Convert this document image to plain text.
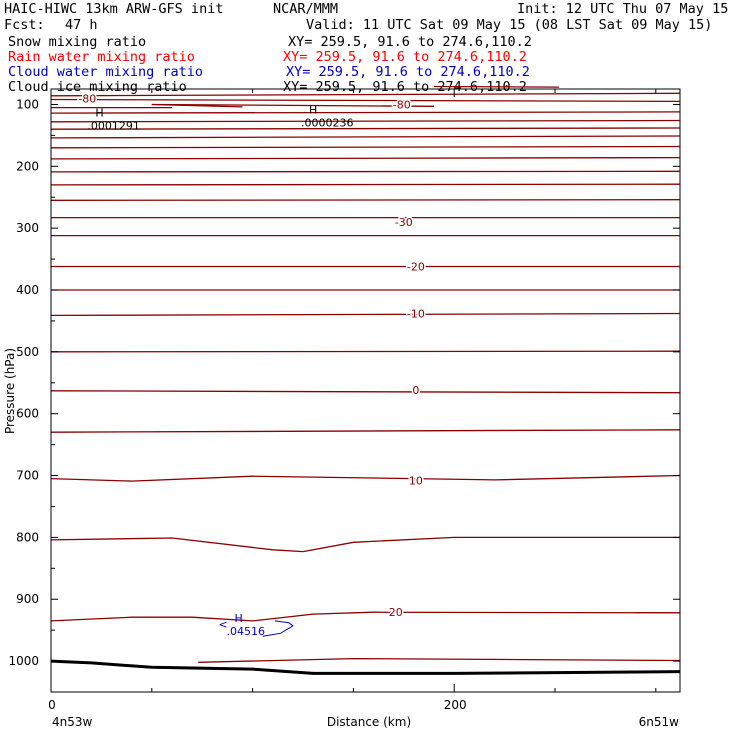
HAIC-HIWC 13km ARW-GFS init	NCAR/MMM	Init: 12 UTC Thu 07 May 15
Fcst: 47 h	Valid: 11 UTC Sat 09 May 15 (08 LST Sat 09 May 15)
Snow mixing ratio	XY= 259.5, 91.6 to 274.6,110.2
Rain water mixing ratio	XY= 259.5, 91.6 to 274.6,110.2
Cloud water mixing ratio	XY= 259.5, 91.6 to 274.6,110.2
Cloud ice mixing ratio	XY= 259.5, 91.6 to 274.6,110.2
-80	-80
-30
-20
-10
0
10
20
<
H
.0001291
H
.0000236
H
.04516
100
200
300
400
500
600
700
800
900
1000
0	200
Distance (km)
Pressure (hPa)
4n53w	6n51w
